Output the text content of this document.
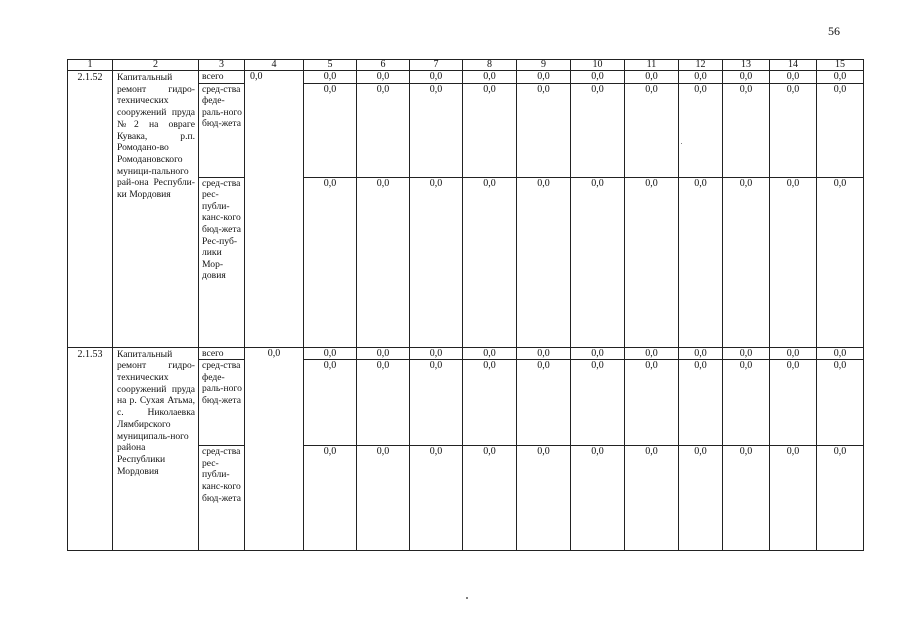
56
1	2	3	4	5	6	7	8	9	10	11	12	13	14	15
2.1.52	Капитальный ремонт гидро-технических сооружений пруда №2 на овраге Кувака, р.п. Ромодано-во Ромодановского муници-пального рай-она Республи-ки Мордовия	всего	0,0	0,0	0,0	0,0	0,0	0,0	0,0	0,0	0,0	0,0	0,0	0,0
		сред-ства феде-раль-ного бюд-жета		0,0	0,0	0,0	0,0	0,0	0,0	0,0	0,0	0,0	0,0	0,0
		сред-ства рес-публи-канс-кого бюд-жета Рес-пуб-лики Мор-довия		0,0	0,0	0,0	0,0	0,0	0,0	0,0	0,0	0,0	0,0	0,0
2.1.53	Капитальный ремонт гидро-технических сооружений пруда на р. Сухая Атьма, с. Николаевка Лямбирского муниципаль-ного района Республики Мордовия	всего	0,0	0,0	0,0	0,0	0,0	0,0	0,0	0,0	0,0	0,0	0,0	0,0
		сред-ства феде-раль-ного бюд-жета		0,0	0,0	0,0	0,0	0,0	0,0	0,0	0,0	0,0	0,0	0,0
		сред-ства рес-публи-канс-кого бюд-жета		0,0	0,0	0,0	0,0	0,0	0,0	0,0	0,0	0,0	0,0	0,0
